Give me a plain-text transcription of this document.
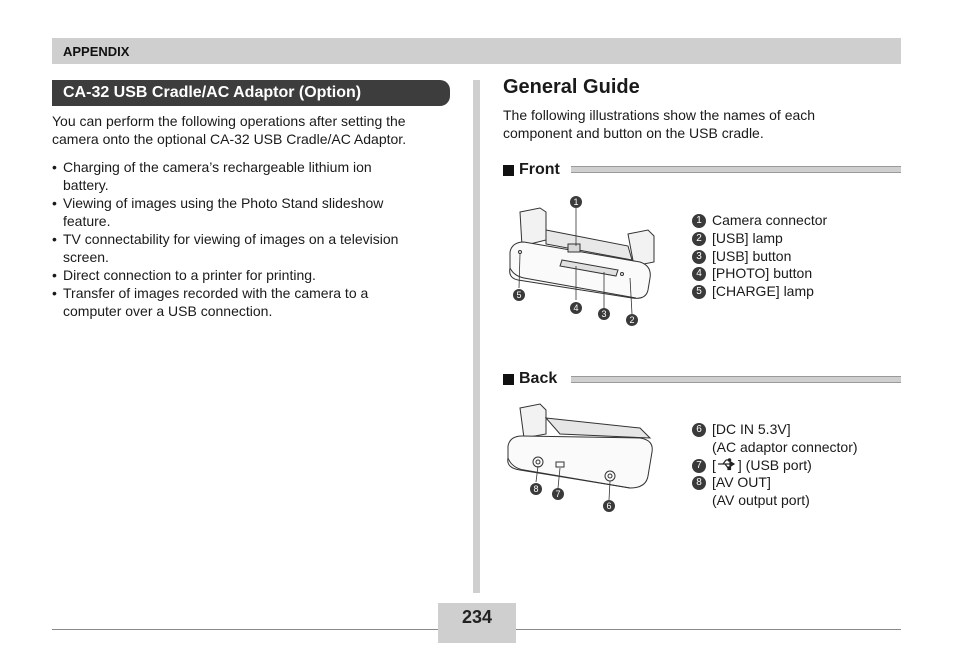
APPENDIX
CA-32 USB Cradle/AC Adaptor (Option)

You can perform the following operations after setting the
camera onto the optional CA-32 USB Cradle/AC Adaptor.

• Charging of the camera’s rechargeable lithium ion
battery.
• Viewing of images using the Photo Stand slideshow
feature.
• TV connectability for viewing of images on a television
screen.
• Direct connection to a printer for printing.
• Transfer of images recorded with the camera to a
computer over a USB connection.
General Guide

The following illustrations show the names of each
component and button on the USB cradle.

Front
1
5
4
3
2
1 Camera connector
2 [USB] lamp
3 [USB] button
4 [PHOTO] button
5 [CHARGE] lamp
Back
8 7
6
6 [DC IN 5.3V]
(AC adaptor connector)
7 [ ] (USB port)
8 [AV OUT]
(AV output port)
234
